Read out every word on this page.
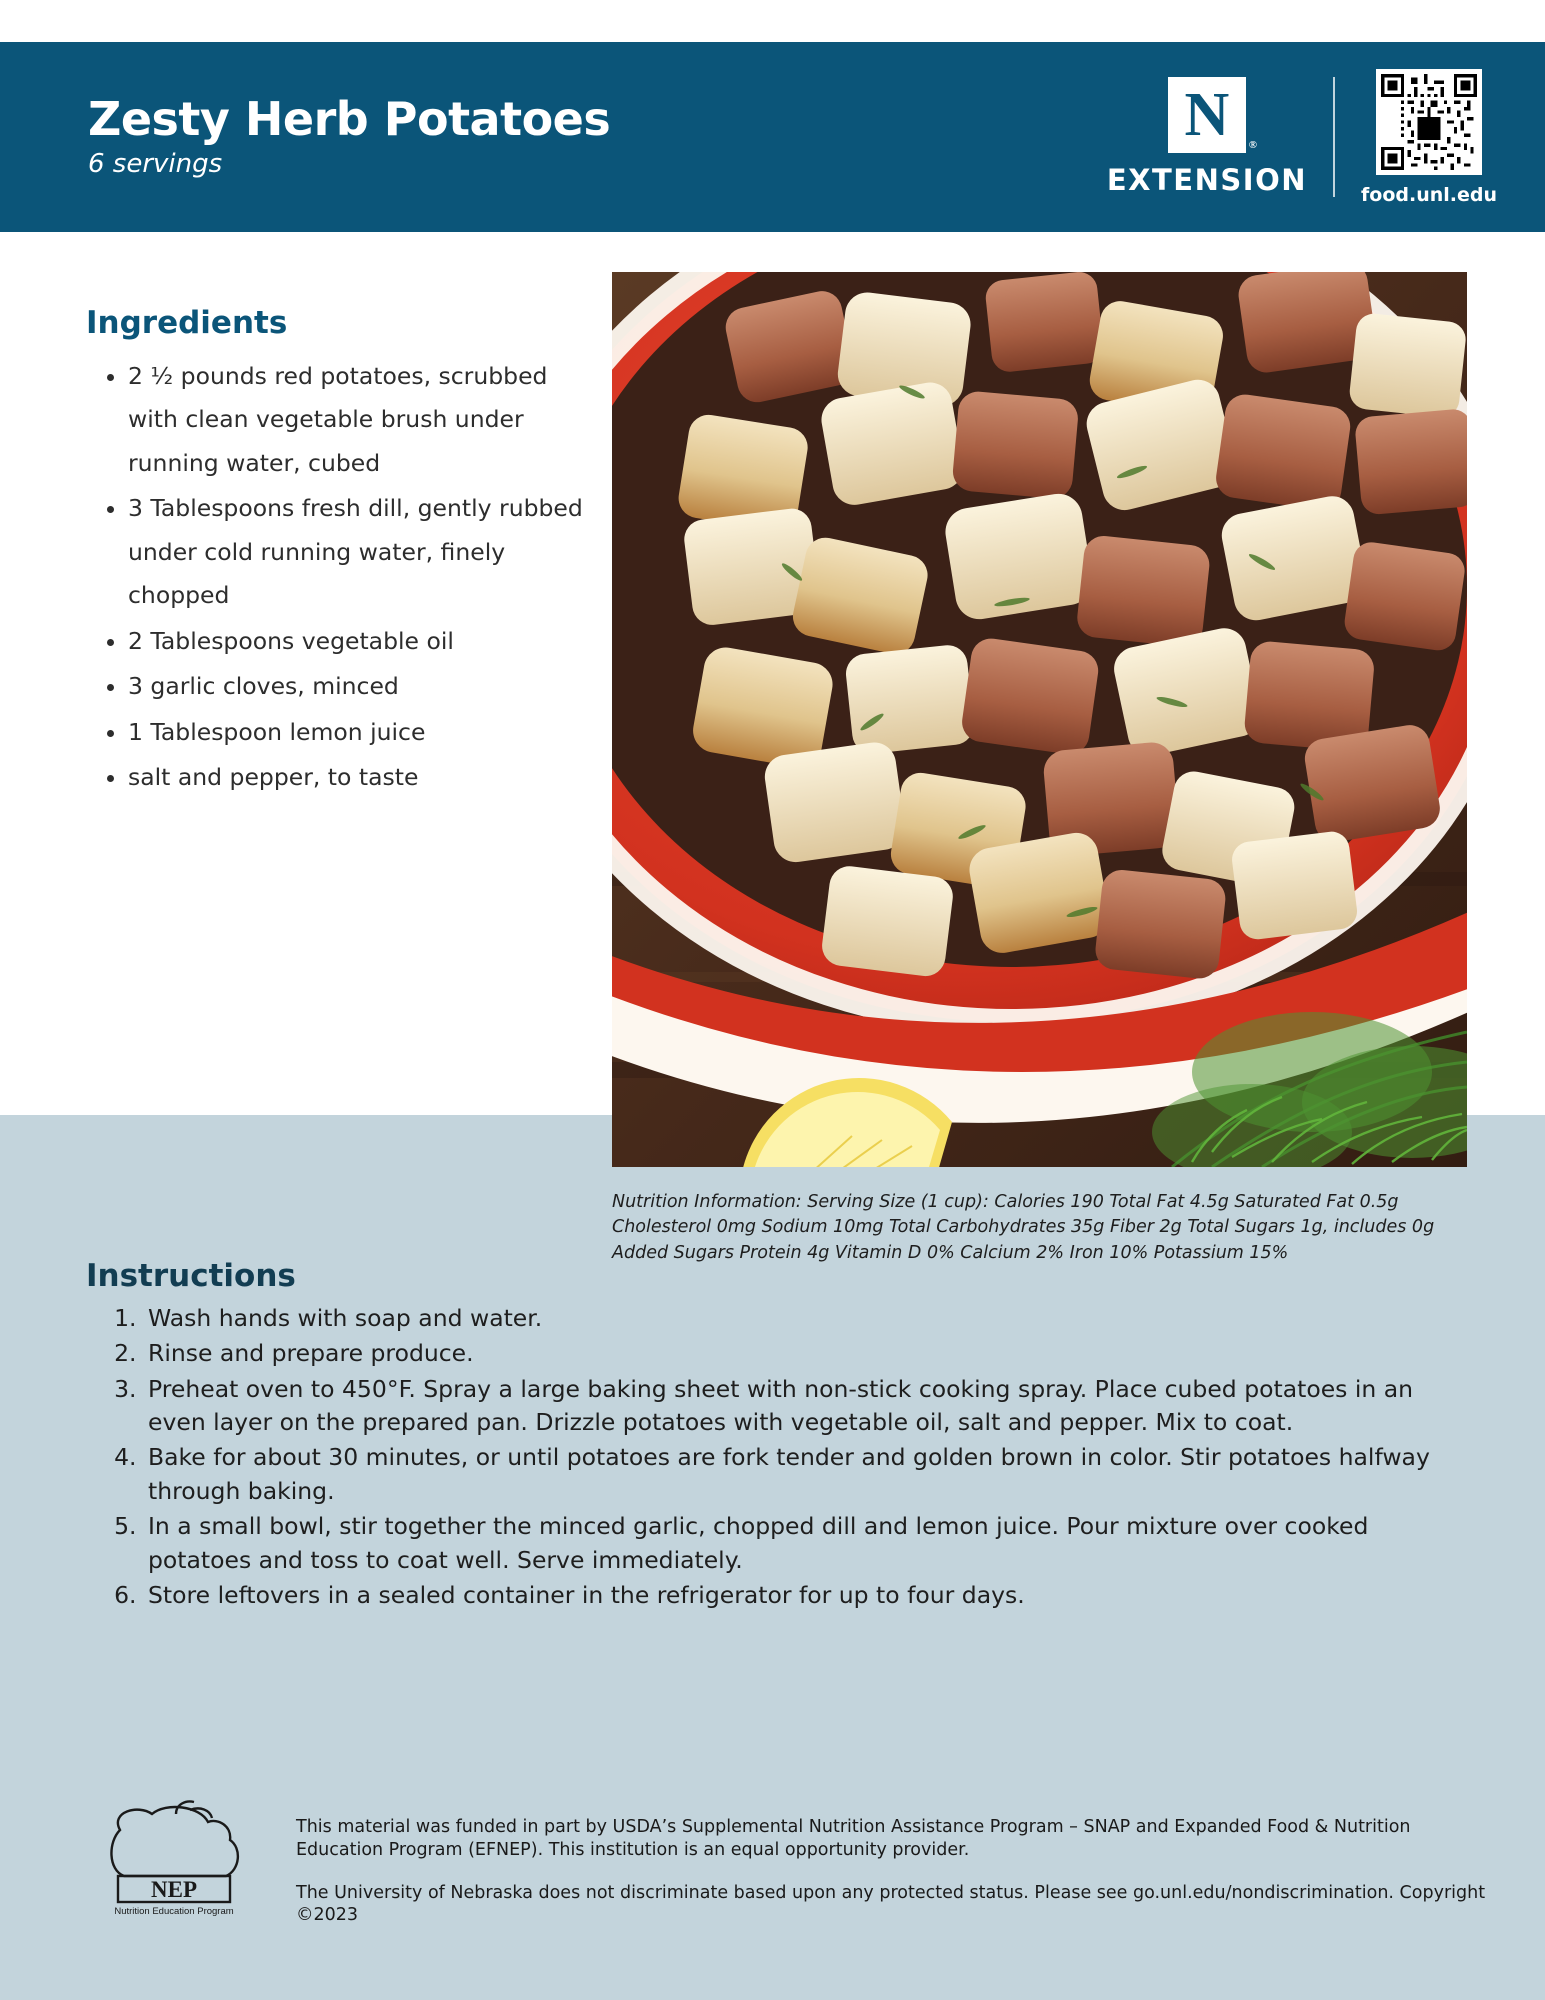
Zesty Herb Potatoes
6 servings
N ®
EXTENSION	food.unl.edu
Ingredients
• 2 ½ pounds red potatoes, scrubbed with clean vegetable brush under running water, cubed
• 3 Tablespoons fresh dill, gently rubbed under cold running water, finely chopped
• 2 Tablespoons vegetable oil
• 3 garlic cloves, minced
• 1 Tablespoon lemon juice
• salt and pepper, to taste
Nutrition Information: Serving Size (1 cup): Calories 190 Total Fat 4.5g Saturated Fat 0.5g Cholesterol 0mg Sodium 10mg Total Carbohydrates 35g Fiber 2g Total Sugars 1g, includes 0g Added Sugars Protein 4g Vitamin D 0% Calcium 2% Iron 10% Potassium 15%
Instructions
1. Wash hands with soap and water.
2. Rinse and prepare produce.
3. Preheat oven to 450°F. Spray a large baking sheet with non-stick cooking spray. Place cubed potatoes in an even layer on the prepared pan. Drizzle potatoes with vegetable oil, salt and pepper. Mix to coat.
4. Bake for about 30 minutes, or until potatoes are fork tender and golden brown in color. Stir potatoes halfway through baking.
5. In a small bowl, stir together the minced garlic, chopped dill and lemon juice. Pour mixture over cooked potatoes and toss to coat well. Serve immediately.
6. Store leftovers in a sealed container in the refrigerator for up to four days.
NEP
Nutrition Education Program

This material was funded in part by USDA’s Supplemental Nutrition Assistance Program – SNAP and Expanded Food & Nutrition Education Program (EFNEP). This institution is an equal opportunity provider.

The University of Nebraska does not discriminate based upon any protected status. Please see go.unl.edu/nondiscrimination. Copyright ©2023
